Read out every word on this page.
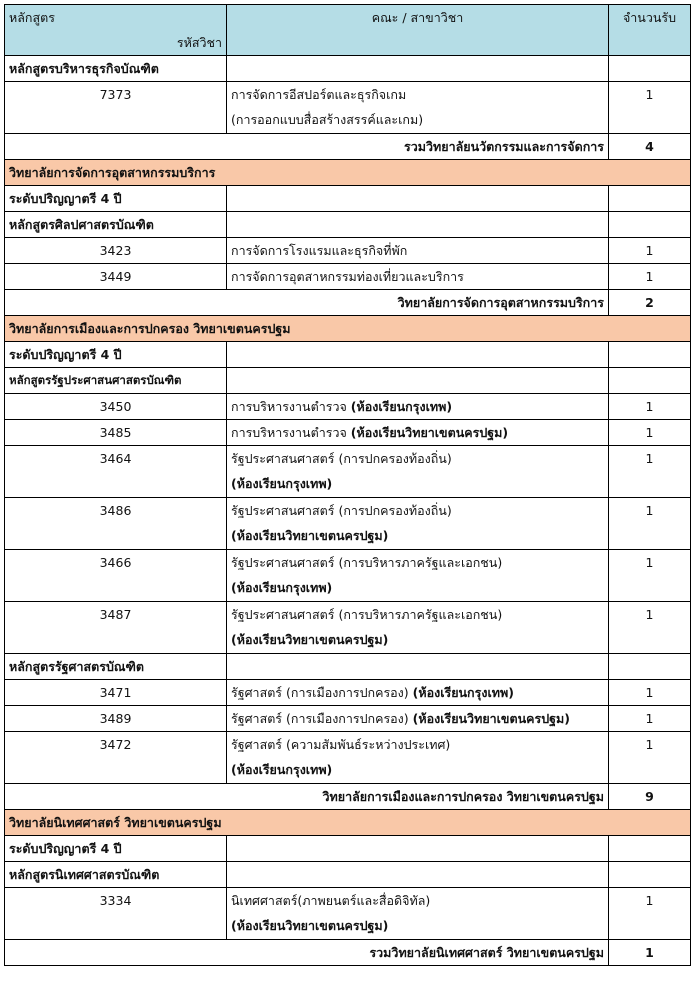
หลักสูตร
รหัสวิชา	คณะ / สาขาวิชา	จำนวนรับ
หลักสูตรบริหารธุรกิจบัณฑิต		
7373	การจัดการอีสปอร์ตและธุรกิจเกม
(การออกแบบสื่อสร้างสรรค์และเกม)	1
รวมวิทยาลัยนวัตกรรมและการจัดการ		4
วิทยาลัยการจัดการอุตสาหกรรมบริการ		
ระดับปริญญาตรี 4 ปี		
หลักสูตรศิลปศาสตรบัณฑิต		
3423	การจัดการโรงแรมและธุรกิจที่พัก	1
3449	การจัดการอุตสาหกรรมท่องเที่ยวและบริการ	1
วิทยาลัยการจัดการอุตสาหกรรมบริการ		2
วิทยาลัยการเมืองและการปกครอง วิทยาเขตนครปฐม		
ระดับปริญญาตรี 4 ปี		
หลักสูตรรัฐประศาสนศาสตรบัณฑิต		
3450	การบริหารงานตำรวจ (ห้องเรียนกรุงเทพ)	1
3485	การบริหารงานตำรวจ (ห้องเรียนวิทยาเขตนครปฐม)	1
3464	รัฐประศาสนศาสตร์ (การปกครองท้องถิ่น)
(ห้องเรียนกรุงเทพ)	1
3486	รัฐประศาสนศาสตร์ (การปกครองท้องถิ่น)
(ห้องเรียนวิทยาเขตนครปฐม)	1
3466	รัฐประศาสนศาสตร์ (การบริหารภาครัฐและเอกชน)
(ห้องเรียนกรุงเทพ)	1
3487	รัฐประศาสนศาสตร์ (การบริหารภาครัฐและเอกชน)
(ห้องเรียนวิทยาเขตนครปฐม)	1
หลักสูตรรัฐศาสตรบัณฑิต		
3471	รัฐศาสตร์ (การเมืองการปกครอง) (ห้องเรียนกรุงเทพ)	1
3489	รัฐศาสตร์ (การเมืองการปกครอง) (ห้องเรียนวิทยาเขตนครปฐม)	1
3472	รัฐศาสตร์ (ความสัมพันธ์ระหว่างประเทศ)
(ห้องเรียนกรุงเทพ)	1
วิทยาลัยการเมืองและการปกครอง วิทยาเขตนครปฐม		9
วิทยาลัยนิเทศศาสตร์ วิทยาเขตนครปฐม		
ระดับปริญญาตรี 4 ปี		
หลักสูตรนิเทศศาสตรบัณฑิต		
3334	นิเทศศาสตร์(ภาพยนตร์และสื่อดิจิทัล)
(ห้องเรียนวิทยาเขตนครปฐม)	1
รวมวิทยาลัยนิเทศศาสตร์ วิทยาเขตนครปฐม		1
